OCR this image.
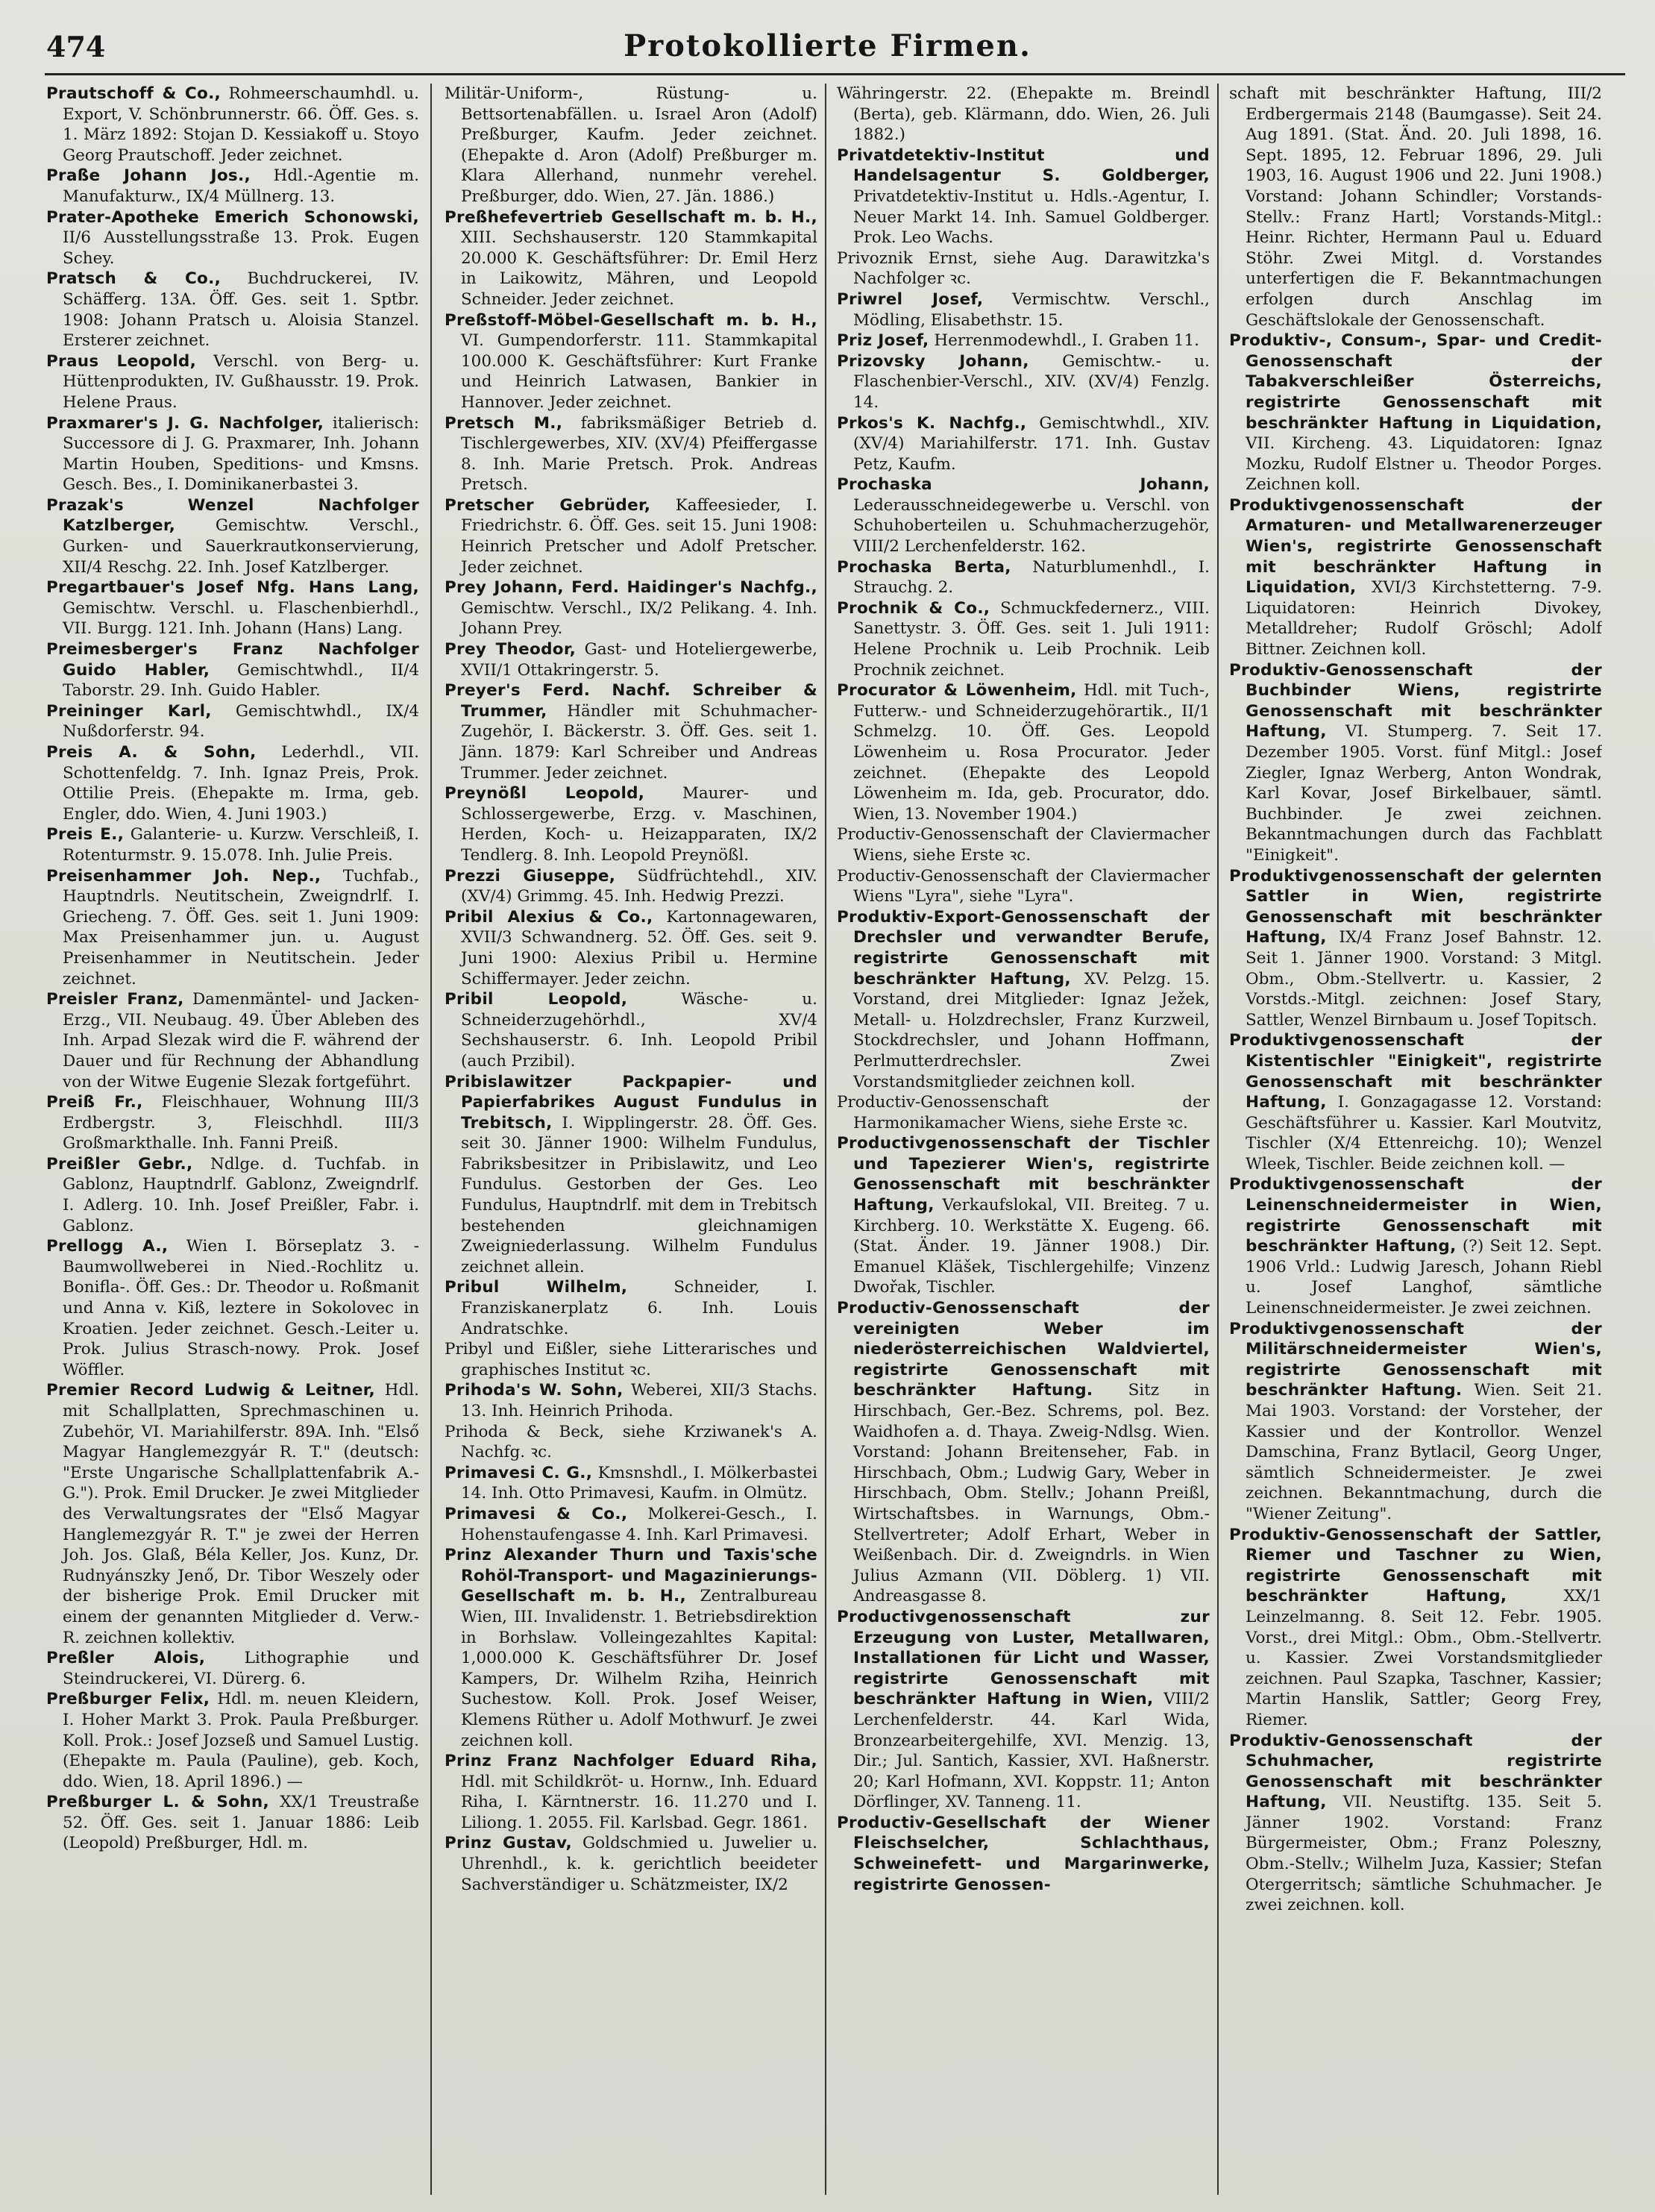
474	Protokollierte Firmen.
Prautschoff & Co., Rohmeerschaumhdl. u. Export, V. Schönbrunnerstr. 66. Öff. Ges. s. 1. März 1892: Stojan D. Kessiakoff u. Stoyo Georg Prautschoff. Jeder zeichnet.
Praße Johann Jos., Hdl.-Agentie m. Manufakturw., IX/4 Müllnerg. 13.
Prater-Apotheke Emerich Schonowski, II/6 Ausstellungsstraße 13. Prok. Eugen Schey.
Pratsch & Co., Buchdruckerei, IV. Schäfferg. 13A. Öff. Ges. seit 1. Sptbr. 1908: Johann Pratsch u. Aloisia Stanzel. Ersterer zeichnet.
Praus Leopold, Verschl. von Berg- u. Hüttenprodukten, IV. Gußhausstr. 19. Prok. Helene Praus.
Praxmarer's J. G. Nachfolger, italierisch: Successore di J. G. Praxmarer, Inh. Johann Martin Houben, Speditions- und Kmsns. Gesch. Bes., I. Dominikanerbastei 3.
Prazak's Wenzel Nachfolger Katzlberger, Gemischtw. Verschl., Gurken- und Sauerkrautkonservierung, XII/4 Reschg. 22. Inh. Josef Katzlberger.
Pregartbauer's Josef Nfg. Hans Lang, Gemischtw. Verschl. u. Flaschenbierhdl., VII. Burgg. 121. Inh. Johann (Hans) Lang.
Preimesberger's Franz Nachfolger Guido Habler, Gemischtwhdl., II/4 Taborstr. 29. Inh. Guido Habler.
Preininger Karl, Gemischtwhdl., IX/4 Nußdorferstr. 94.
Preis A. & Sohn, Lederhdl., VII. Schottenfeldg. 7. Inh. Ignaz Preis, Prok. Ottilie Preis. (Ehepakte m. Irma, geb. Engler, ddo. Wien, 4. Juni 1903.)
Preis E., Galanterie- u. Kurzw. Verschleiß, I. Rotenturmstr. 9. 15.078. Inh. Julie Preis.
Preisenhammer Joh. Nep., Tuchfab., Hauptndrls. Neutitschein, Zweigndrlf. I. Griecheng. 7. Öff. Ges. seit 1. Juni 1909: Max Preisenhammer jun. u. August Preisenhammer in Neutitschein. Jeder zeichnet.
Preisler Franz, Damenmäntel- und Jacken-Erzg., VII. Neubaug. 49. Über Ableben des Inh. Arpad Slezak wird die F. während der Dauer und für Rechnung der Abhandlung von der Witwe Eugenie Slezak fortgeführt.
Preiß Fr., Fleischhauer, Wohnung III/3 Erdbergstr. 3, Fleischhdl. III/3 Großmarkthalle. Inh. Fanni Preiß.
Preißler Gebr., Ndlge. d. Tuchfab. in Gablonz, Hauptndrlf. Gablonz, Zweigndrlf. I. Adlerg. 10. Inh. Josef Preißler, Fabr. i. Gablonz.
Prellogg A., Wien I. Börseplatz 3. -Baumwollweberei in Nied.-Rochlitz u. Bonifla-. Öff. Ges.: Dr. Theodor u. Roßmanit und Anna v. Kiß, leztere in Sokolovec in Kroatien. Jeder zeichnet. Gesch.-Leiter u. Prok. Julius Strasch-nowy. Prok. Josef Wöffler.
Premier Record Ludwig & Leitner, Hdl. mit Schallplatten, Sprechmaschinen u. Zubehör, VI. Mariahilferstr. 89A. Inh. "Első Magyar Hanglemezgyár R. T." (deutsch: "Erste Ungarische Schallplattenfabrik A.-G."). Prok. Emil Drucker. Je zwei Mitglieder des Verwaltungsrates der "Első Magyar Hanglemezgyár R. T." je zwei der Herren Joh. Jos. Glaß, Béla Keller, Jos. Kunz, Dr. Rudnyánszky Jenő, Dr. Tibor Weszely oder der bisherige Prok. Emil Drucker mit einem der genannten Mitglieder d. Verw.-R. zeichnen kollektiv.
Preßler Alois, Lithographie und Steindruckerei, VI. Dürerg. 6.
Preßburger Felix, Hdl. m. neuen Kleidern, I. Hoher Markt 3. Prok. Paula Preßburger. Koll. Prok.: Josef Jozseß und Samuel Lustig. (Ehepakte m. Paula (Pauline), geb. Koch, ddo. Wien, 18. April 1896.) —
Preßburger L. & Sohn, XX/1 Treustraße 52. Öff. Ges. seit 1. Januar 1886: Leib (Leopold) Preßburger, Hdl. m.
Militär-Uniform-, Rüstung- u. Bettsortenabfällen. u. Israel Aron (Adolf) Preßburger, Kaufm. Jeder zeichnet. (Ehepakte d. Aron (Adolf) Preßburger m. Klara Allerhand, nunmehr verehel. Preßburger, ddo. Wien, 27. Jän. 1886.)
Preßhefevertrieb Gesellschaft m. b. H., XIII. Sechshauserstr. 120 Stammkapital 20.000 K. Geschäftsführer: Dr. Emil Herz in Laikowitz, Mähren, und Leopold Schneider. Jeder zeichnet.
Preßstoff-Möbel-Gesellschaft m. b. H., VI. Gumpendorferstr. 111. Stammkapital 100.000 K. Geschäftsführer: Kurt Franke und Heinrich Latwasen, Bankier in Hannover. Jeder zeichnet.
Pretsch M., fabriksmäßiger Betrieb d. Tischlergewerbes, XIV. (XV/4) Pfeiffergasse 8. Inh. Marie Pretsch. Prok. Andreas Pretsch.
Pretscher Gebrüder, Kaffeesieder, I. Friedrichstr. 6. Öff. Ges. seit 15. Juni 1908: Heinrich Pretscher und Adolf Pretscher. Jeder zeichnet.
Prey Johann, Ferd. Haidinger's Nachfg., Gemischtw. Verschl., IX/2 Pelikang. 4. Inh. Johann Prey.
Prey Theodor, Gast- und Hoteliergewerbe, XVII/1 Ottakringerstr. 5.
Preyer's Ferd. Nachf. Schreiber & Trummer, Händler mit Schuhmacher-Zugehör, I. Bäckerstr. 3. Öff. Ges. seit 1. Jänn. 1879: Karl Schreiber und Andreas Trummer. Jeder zeichnet.
Preynößl Leopold, Maurer- und Schlossergewerbe, Erzg. v. Maschinen, Herden, Koch- u. Heizapparaten, IX/2 Tendlerg. 8. Inh. Leopold Preynößl.
Prezzi Giuseppe, Südfrüchtehdl., XIV. (XV/4) Grimmg. 45. Inh. Hedwig Prezzi.
Pribil Alexius & Co., Kartonnagewaren, XVII/3 Schwandnerg. 52. Öff. Ges. seit 9. Juni 1900: Alexius Pribil u. Hermine Schiffermayer. Jeder zeichn.
Pribil Leopold,	Wäsche- u. Schneiderzugehörhdl., XV/4 Sechshauserstr. 6. Inh. Leopold Pribil (auch Przibil).
Pribislawitzer Packpapier- und Papierfabrikes August Fundulus in Trebitsch, I. Wipplingerstr. 28. Öff. Ges. seit 30. Jänner 1900: Wilhelm Fundulus, Fabriksbesitzer in Pribislawitz, und Leo Fundulus. Gestorben der Ges. Leo Fundulus, Hauptndrlf. mit dem in Trebitsch bestehenden gleichnamigen Zweigniederlassung. Wilhelm Fundulus zeichnet allein.
Pribul Wilhelm,	Schneider, I. Franziskanerplatz 6. Inh. Louis Andratschke.
Pribyl und Eißler, siehe Litterarisches und graphisches Institut ꝛc.
Prihoda's W. Sohn, Weberei, XII/3 Stachs. 13. Inh. Heinrich Prihoda.
Prihoda & Beck, siehe Krziwanek's A. Nachfg. ꝛc.
Primavesi C. G., Kmsnshdl., I. Mölkerbastei 14. Inh. Otto Primavesi, Kaufm. in Olmütz.
Primavesi & Co., Molkerei-Gesch., I. Hohenstaufengasse 4. Inh. Karl Primavesi.
Prinz Alexander Thurn und Taxis'sche Rohöl-Transport- und Magazinierungs-Gesellschaft m. b. H., Zentralbureau Wien, III. Invalidenstr. 1. Betriebsdirektion in Borhslaw. Volleingezahltes Kapital: 1,000.000 K. Geschäftsführer Dr. Josef Kampers, Dr. Wilhelm Rziha, Heinrich Suchestow. Koll. Prok. Josef Weiser, Klemens Rüther u. Adolf Mothwurf. Je zwei zeichnen koll.
Prinz Franz Nachfolger Eduard Riha, Hdl. mit Schildkröt- u. Hornw., Inh. Eduard Riha, I. Kärntnerstr. 16. 11.270 und I. Liliong. 1. 2055. Fil. Karlsbad. Gegr. 1861.
Prinz Gustav, Goldschmied u. Juwelier u. Uhrenhdl., k. k. gerichtlich beeideter Sachverständiger u. Schätzmeister, IX/2
Währingerstr. 22. (Ehepakte m. Breindl (Berta), geb. Klärmann, ddo. Wien, 26. Juli 1882.)
Privatdetektiv-Institut und Handelsagentur S. Goldberger, Privatdetektiv-Institut u. Hdls.-Agentur, I. Neuer Markt 14. Inh. Samuel Goldberger. Prok. Leo Wachs.
Privoznik Ernst, siehe Aug. Darawitzka's Nachfolger ꝛc.
Priwrel Josef, Vermischtw. Verschl., Mödling, Elisabethstr. 15.
Priz Josef, Herrenmodewhdl., I. Graben 11.
Prizovsky Johann, Gemischtw.- u. Flaschenbier-Verschl., XIV. (XV/4) Fenzlg. 14.
Prkos's K. Nachfg., Gemischtwhdl., XIV. (XV/4) Mariahilferstr. 171. Inh. Gustav Petz, Kaufm.
Prochaska Johann, Lederausschneidegewerbe u. Verschl. von Schuhoberteilen u. Schuhmacherzugehör, VIII/2 Lerchenfelderstr. 162.
Prochaska Berta, Naturblumenhdl., I. Strauchg. 2.
Prochnik & Co., Schmuckfedernerz., VIII. Sanettystr. 3. Öff. Ges. seit 1. Juli 1911: Helene Prochnik u. Leib Prochnik. Leib Prochnik zeichnet.
Procurator & Löwenheim, Hdl. mit Tuch-, Futterw.- und Schneiderzugehörartik., II/1 Schmelzg. 10. Öff. Ges. Leopold Löwenheim u. Rosa Procurator. Jeder zeichnet. (Ehepakte des Leopold Löwenheim m. Ida, geb. Procurator, ddo. Wien, 13. November 1904.)
Productiv-Genossenschaft der Claviermacher Wiens, siehe Erste ꝛc.
Productiv-Genossenschaft der Claviermacher Wiens "Lyra", siehe "Lyra".
Produktiv-Export-Genossenschaft der Drechsler und verwandter Berufe, registrirte Genossenschaft mit beschränkter Haftung, XV. Pelzg. 15. Vorstand, drei Mitglieder: Ignaz Ježek, Metall- u. Holzdrechsler, Franz Kurzweil, Stockdrechsler, und Johann Hoffmann, Perlmutterdrechsler. Zwei Vorstandsmitglieder zeichnen koll.
Productiv-Genossenschaft der Harmonikamacher Wiens, siehe Erste ꝛc.
Productivgenossenschaft der Tischler und Tapezierer Wien's, registrirte Genossenschaft mit beschränkter Haftung, Verkaufslokal, VII. Breiteg. 7 u. Kirchberg. 10. Werkstätte X. Eugeng. 66. (Stat. Änder. 19. Jänner 1908.) Dir. Emanuel Kläšek, Tischlergehilfe; Vinzenz Dwořak, Tischler.
Productiv-Genossenschaft der vereinigten Weber im niederösterreichischen Waldviertel, registrirte Genossenschaft mit beschränkter Haftung. Sitz in Hirschbach, Ger.-Bez. Schrems, pol. Bez. Waidhofen a. d. Thaya. Zweig-Ndlsg. Wien. Vorstand: Johann Breitenseher, Fab. in Hirschbach, Obm.; Ludwig Gary, Weber in Hirschbach, Obm. Stellv.; Johann Preißl, Wirtschaftsbes. in Warnungs, Obm.-Stellvertreter; Adolf Erhart, Weber in Weißenbach. Dir. d. Zweigndrls. in Wien Julius Azmann (VII. Döblerg. 1) VII. Andreasgasse 8.
Productivgenossenschaft zur Erzeugung von Luster, Metallwaren, Installationen für Licht und Wasser, registrirte Genossenschaft mit beschränkter Haftung in Wien, VIII/2 Lerchenfelderstr. 44. Karl Wida, Bronzearbeitergehilfe, XVI. Menzig. 13, Dir.; Jul. Santich, Kassier, XVI. Haßnerstr. 20; Karl Hofmann, XVI. Koppstr. 11; Anton Dörflinger, XV. Tanneng. 11.
Productiv-Gesellschaft der Wiener Fleischselcher, Schlachthaus, Schweinefett- und Margarinwerke, registrirte Genossen-
schaft mit beschränkter Haftung, III/2 Erdbergermais 2148 (Baumgasse). Seit 24. Aug 1891. (Stat. Änd. 20. Juli 1898, 16. Sept. 1895, 12. Februar 1896, 29. Juli 1903, 16. August 1906 und 22. Juni 1908.) Vorstand: Johann Schindler; Vorstands-Stellv.: Franz Hartl; Vorstands-Mitgl.: Heinr. Richter, Hermann Paul u. Eduard Stöhr. Zwei Mitgl. d. Vorstandes unterfertigen die F. Bekanntmachungen erfolgen durch Anschlag im Geschäftslokale der Genossenschaft.
Produktiv-, Consum-, Spar- und Credit-Genossenschaft der Tabakverschleißer Österreichs, registrirte Genossenschaft mit beschränkter Haftung in Liquidation, VII. Kircheng. 43. Liquidatoren: Ignaz Mozku, Rudolf Elstner u. Theodor Porges. Zeichnen koll.
Produktivgenossenschaft der Armaturen- und Metallwarenerzeuger Wien's, registrirte Genossenschaft mit beschränkter Haftung in Liquidation, XVI/3 Kirchstetterng. 7-9. Liquidatoren: Heinrich Divokey, Metalldreher; Rudolf Gröschl; Adolf Bittner. Zeichnen koll.
Produktiv-Genossenschaft der Buchbinder Wiens, registrirte Genossenschaft mit beschränkter Haftung, VI. Stumperg. 7. Seit 17. Dezember 1905. Vorst. fünf Mitgl.: Josef Ziegler, Ignaz Werberg, Anton Wondrak, Karl Kovar, Josef Birkelbauer, sämtl. Buchbinder. Je zwei zeichnen. Bekanntmachungen durch das Fachblatt "Einigkeit".
Produktivgenossenschaft der gelernten Sattler in Wien, registrirte Genossenschaft mit beschränkter Haftung, IX/4 Franz Josef Bahnstr. 12. Seit 1. Jänner 1900. Vorstand: 3 Mitgl. Obm., Obm.-Stellvertr. u. Kassier, 2 Vorstds.-Mitgl. zeichnen: Josef Stary, Sattler, Wenzel Birnbaum u. Josef Topitsch.
Produktivgenossenschaft der Kistentischler "Einigkeit", registrirte Genossenschaft mit beschränkter Haftung, I. Gonzagagasse 12. Vorstand: Geschäftsführer u. Kassier. Karl Moutvitz, Tischler (X/4 Ettenreichg. 10); Wenzel Wleek, Tischler. Beide zeichnen koll. —
Produktivgenossenschaft der Leinenschneidermeister in Wien, registrirte Genossenschaft mit beschränkter Haftung, (?) Seit 12. Sept. 1906 Vrld.: Ludwig Jaresch, Johann Riebl u. Josef Langhof, sämtliche Leinenschneidermeister. Je zwei zeichnen.
Produktivgenossenschaft der Militärschneidermeister Wien's, registrirte Genossenschaft mit beschränkter Haftung. Wien. Seit 21. Mai 1903. Vorstand: der Vorsteher, der Kassier und der Kontrollor. Wenzel Damschina, Franz Bytlacil, Georg Unger, sämtlich Schneidermeister. Je zwei zeichnen. Bekanntmachung, durch die "Wiener Zeitung".
Produktiv-Genossenschaft der Sattler, Riemer und Taschner zu Wien, registrirte Genossenschaft mit beschränkter Haftung,	XX/1 Leinzelmanng. 8. Seit 12. Febr. 1905. Vorst., drei Mitgl.: Obm., Obm.-Stellvertr. u. Kassier. Zwei Vorstandsmitglieder zeichnen. Paul Szapka, Taschner, Kassier; Martin Hanslik, Sattler; Georg Frey, Riemer.
Produktiv-Genossenschaft der Schuhmacher, registrirte Genossenschaft mit beschränkter Haftung, VII. Neustiftg. 135. Seit 5. Jänner 1902. Vorstand: Franz Bürgermeister, Obm.; Franz Poleszny, Obm.-Stellv.; Wilhelm Juza, Kassier; Stefan Otergerritsch; sämtliche Schuhmacher. Je zwei zeichnen. koll.
